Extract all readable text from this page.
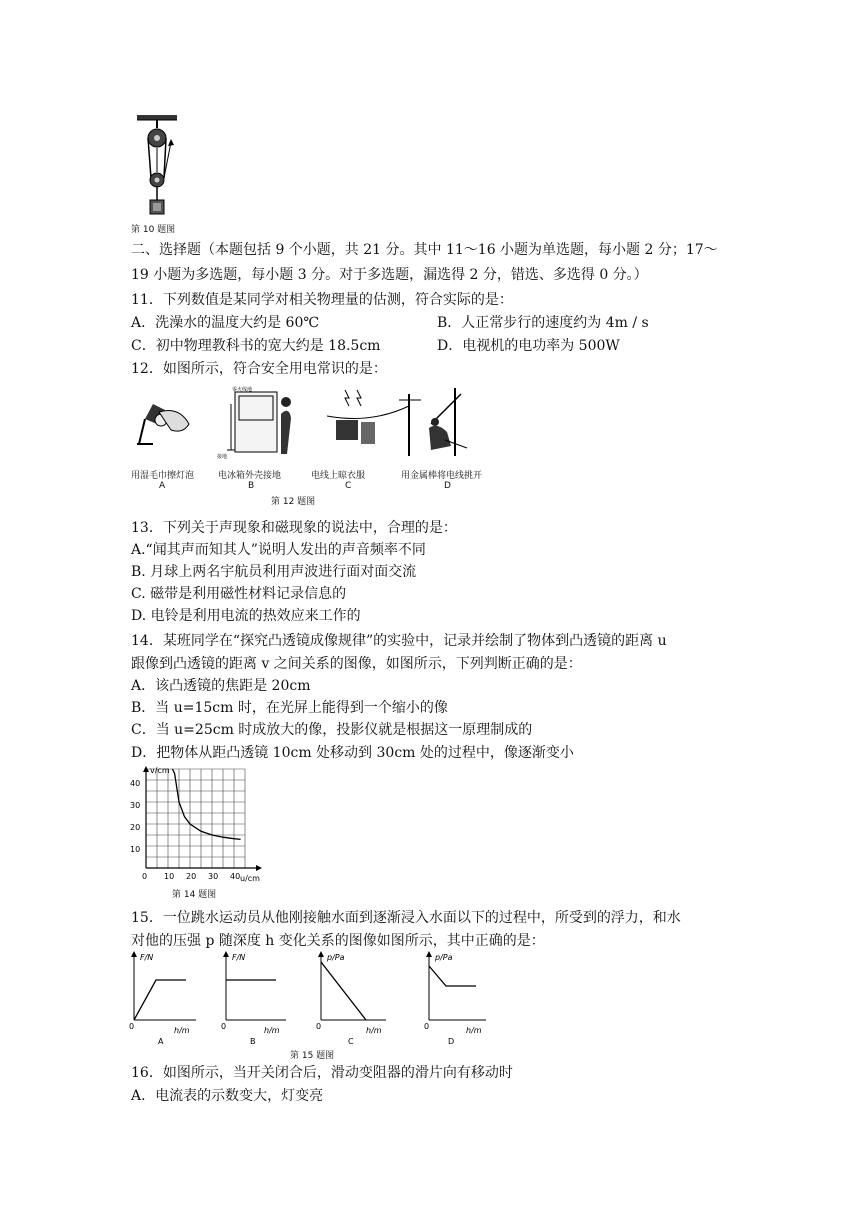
第 10 题图
二、选择题（本题包括 9 个小题，共 21 分。其中 11～16 小题为单选题，每小题 2 分；17～
19 小题为多选题，每小题 3 分。对于多选题，漏选得 2 分，错选、多选得 0 分。）
11．下列数值是某同学对相关物理量的估测，符合实际的是：
A．洗澡水的温度大约是 60℃	B．人正常步行的速度约为 4m / s
C．初中物理教科书的宽大约是 18.5cm	D．电视机的电功率为 500W
12．如图所示，符合安全用电常识的是：
零火线地
接地
用湿毛巾擦灯泡	电冰箱外壳接地	电线上晾衣服	用金属棒将电线挑开
A	B	C	D
第 12 题图
13．下列关于声现象和磁现象的说法中，合理的是：
A.“闻其声而知其人”说明人发出的声音频率不同
B. 月球上两名宇航员利用声波进行面对面交流
C. 磁带是利用磁性材料记录信息的
D. 电铃是利用电流的热效应来工作的
14．某班同学在“探究凸透镜成像规律”的实验中，记录并绘制了物体到凸透镜的距离 u
跟像到凸透镜的距离 v 之间关系的图像，如图所示，下列判断正确的是：
A．该凸透镜的焦距是 20cm
B．当 u=15cm 时，在光屏上能得到一个缩小的像
C．当 u=25cm 时成放大的像，投影仪就是根据这一原理制成的
D．把物体从距凸透镜 10cm 处移动到 30cm 处的过程中，像逐渐变小
v/cm
u/cm
40
30
20
10
0 10 20 30 40
第 14 题图
15．一位跳水运动员从他刚接触水面到逐渐浸入水面以下的过程中，所受到的浮力，和水
对他的压强 p 随深度 h 变化关系的图像如图所示，其中正确的是：
F/N
h/m
0
A
F/N
h/m
0
B
p/Pa
h/m
0
C
p/Pa
h/m
0
D
第 15 题图
16．如图所示，当开关闭合后，滑动变阻器的滑片向有移动时
A．电流表的示数变大，灯变亮
